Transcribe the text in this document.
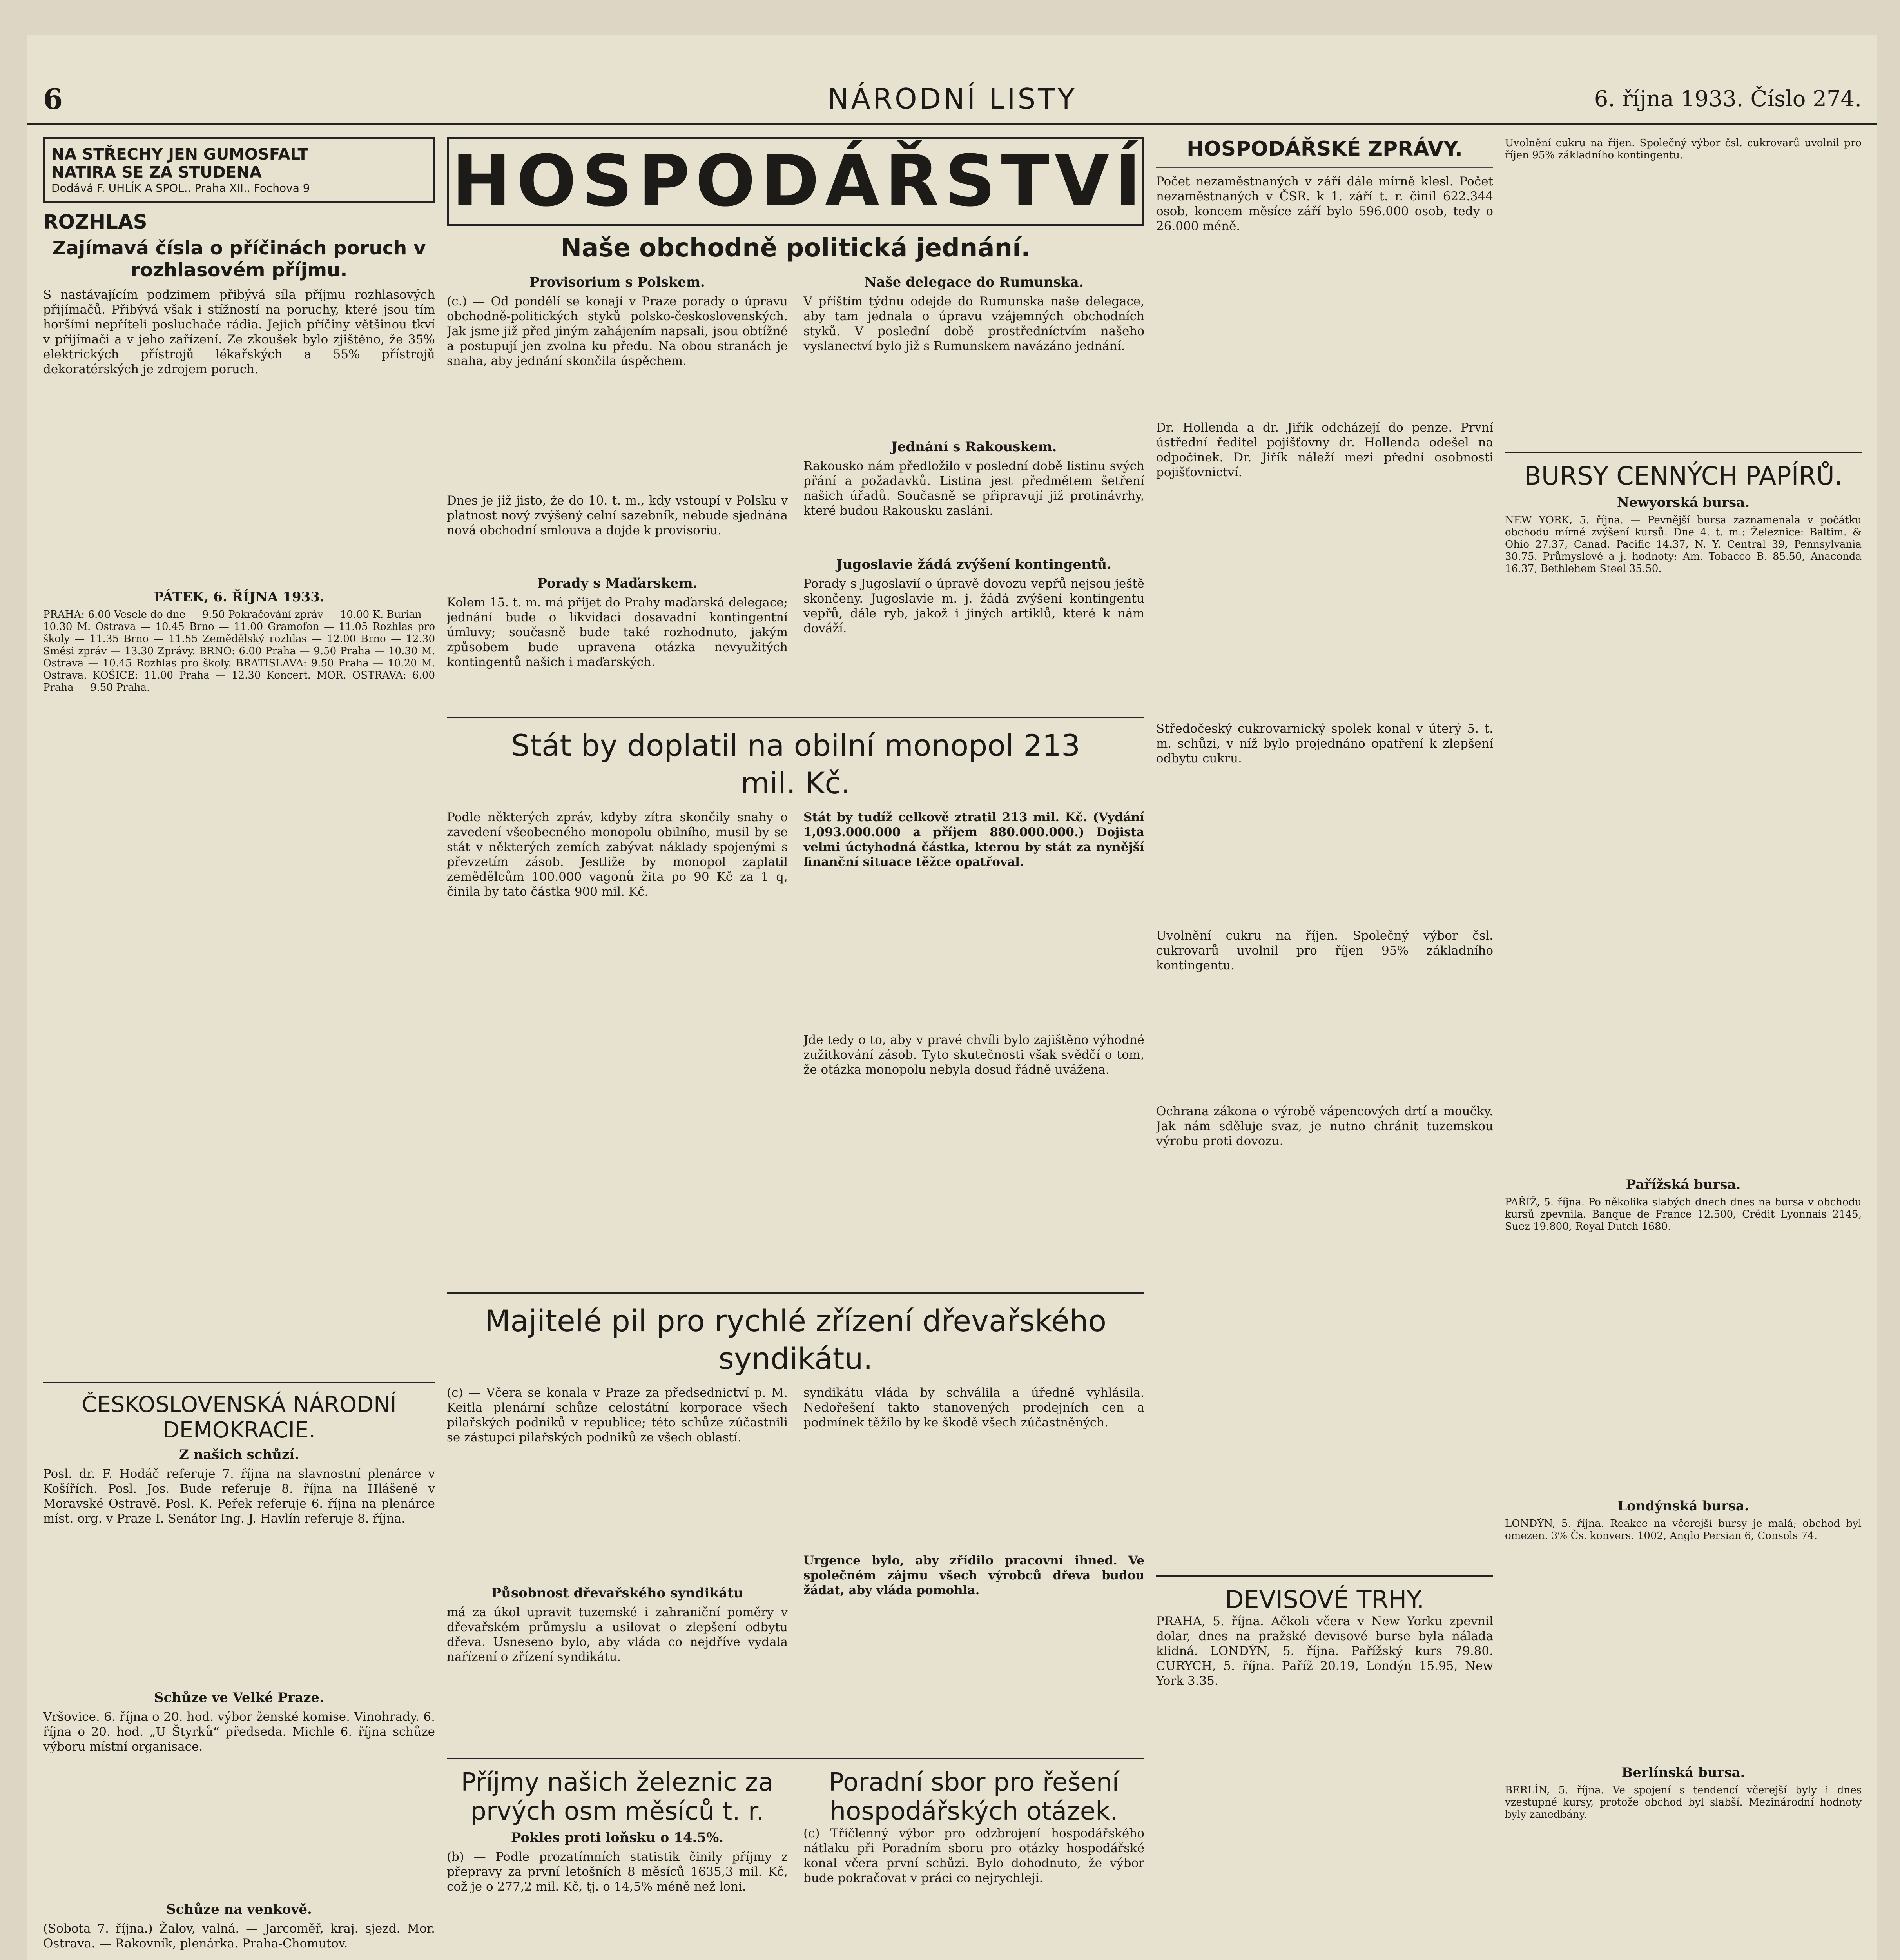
6	NÁRODNÍ LISTY	6. října 1933. Číslo 274.
NA STŘECHY JEN GUMOSFALT
NATIRA SE ZA STUDENA
Dodává F. UHLÍK A SPOL., Praha XII., Fochova 9
ROZHLAS
Zajímavá čísla o příčinách poruch v rozhlasovém příjmu.
S nastávajícím podzimem přibývá síla příjmu rozhlasových přijímačů. Přibývá však i stížností na poruchy, které jsou tím horšími nepříteli posluchače rádia. Jejich příčiny většinou tkví v přijímači a v jeho zařízení. Ze zkoušek bylo zjištěno, že 35% elektrických přístrojů lékařských a 55% přístrojů dekoratérských je zdrojem poruch.
PÁTEK, 6. ŘÍJNA 1933.
PRAHA: 6.00 Vesele do dne — 9.50 Pokračování zpráv — 10.00 K. Burian — 10.30 M. Ostrava — 10.45 Brno — 11.00 Gramofon — 11.05 Rozhlas pro školy — 11.35 Brno — 11.55 Zemědělský rozhlas — 12.00 Brno — 12.30 Směsi zpráv — 13.30 Zprávy. BRNO: 6.00 Praha — 9.50 Praha — 10.30 M. Ostrava — 10.45 Rozhlas pro školy. BRATISLAVA: 9.50 Praha — 10.20 M. Ostrava. KOŠICE: 11.00 Praha — 12.30 Koncert. MOR. OSTRAVA: 6.00 Praha — 9.50 Praha.
ČESKOSLOVENSKÁ NÁRODNÍ DEMOKRACIE.
Z našich schůzí.
Posl. dr. F. Hodáč referuje 7. října na slavnostní plenárce v Košířích. Posl. Jos. Bude referuje 8. října na Hlášeně v Moravské Ostravě. Posl. K. Peřek referuje 6. října na plenárce míst. org. v Praze I. Senátor Ing. J. Havlín referuje 8. října.
Schůze ve Velké Praze.
Vršovice. 6. října o 20. hod. výbor ženské komise. Vinohrady. 6. října o 20. hod. „U Štyrků“ předseda. Michle 6. října schůze výboru místní organisace.
Schůze na venkově.
(Sobota 7. října.) Žalov, valná. — Jarcoměř, kraj. sjezd. Mor. Ostrava. — Rakovník, plenárka. Praha-Chomutov.
HOSPODÁŘSTVÍ
Naše obchodně politická jednání.
Provisorium s Polskem.
(c.) — Od pondělí se konají v Praze porady o úpravu obchodně-politických styků polsko-československých. Jak jsme již před jiným zahájením napsali, jsou obtížné a postupují jen zvolna ku předu. Na obou stranách je snaha, aby jednání skončila úspěchem.
Dnes je již jisto, že do 10. t. m., kdy vstoupí v Polsku v platnost nový zvýšený celní sazebník, nebude sjednána nová obchodní smlouva a dojde k provisoriu.
Porady s Maďarskem.
Kolem 15. t. m. má přijet do Prahy maďarská delegace; jednání bude o likvidaci dosavadní kontingentní úmluvy; současně bude také rozhodnuto, jakým způsobem bude upravena otázka nevyužitých kontingentů našich i maďarských.
Naše delegace do Rumunska.
V příštím týdnu odejde do Rumunska naše delegace, aby tam jednala o úpravu vzájemných obchodních styků. V poslední době prostředníctvím našeho vyslanectví bylo již s Rumunskem navázáno jednání.
Jednání s Rakouskem.
Rakousko nám předložilo v poslední době listinu svých přání a požadavků. Listina jest předmětem šetření našich úřadů. Současně se připravují již protinávrhy, které budou Rakousku zasláni.
Jugoslavie žádá zvýšení kontingentů.
Porady s Jugoslavií o úpravě dovozu vepřů nejsou ještě skončeny. Jugoslavie m. j. žádá zvýšení kontingentu vepřů, dále ryb, jakož i jiných artiklů, které k nám dováží.
Stát by doplatil na obilní monopol 213 mil. Kč.
Podle některých zpráv, kdyby zítra skončily snahy o zavedení všeobecného monopolu obilního, musil by se stát v některých zemích zabývat náklady spojenými s převzetím zásob. Jestliže by monopol zaplatil zemědělcům 100.000 vagonů žita po 90 Kč za 1 q, činila by tato částka 900 mil. Kč.
Stát by tudíž celkově ztratil 213 mil. Kč. (Vydání 1,093.000.000 a příjem 880.000.000.) Dojista velmi úctyhodná částka, kterou by stát za nynější finanční situace těžce opatřoval.
Jde tedy o to, aby v pravé chvíli bylo zajištěno výhodné zužitkování zásob. Tyto skutečnosti však svědčí o tom, že otázka monopolu nebyla dosud řádně uvážena.
Majitelé pil pro rychlé zřízení dřevařského syndikátu.
(c) — Včera se konala v Praze za předsednictví p. M. Keitla plenární schůze celostátní korporace všech pilařských podniků v republice; této schůze zúčastnili se zástupci pilařských podniků ze všech oblastí.
Působnost dřevařského syndikátu
má za úkol upravit tuzemské i zahraniční poměry v dřevařském průmyslu a usilovat o zlepšení odbytu dřeva. Usneseno bylo, aby vláda co nejdříve vydala nařízení o zřízení syndikátu.
syndikátu vláda by schválila a úředně vyhlásila. Nedořešení takto stanovených prodejních cen a podmínek těžilo by ke škodě všech zúčastněných.
Urgence bylo, aby zřídilo pracovní ihned. Ve společném zájmu všech výrobců dřeva budou žádat, aby vláda pomohla.
Příjmy našich železnic za prvých osm měsíců t. r.
Pokles proti loňsku o 14.5%.
(b) — Podle prozatímních statistik činily příjmy z přepravy za první letošních 8 měsíců 1635,3 mil. Kč, což je o 277,2 mil. Kč, tj. o 14,5% méně než loni.

Poradní sbor pro řešení hospodářských otázek.
(c) Tříčlenný výbor pro odzbrojení hospodářského nátlaku při Poradním sboru pro otázky hospodářské konal včera první schůzi. Bylo dohodnuto, že výbor bude pokračovat v práci co nejrychleji.
HOSPODÁŘSKÉ ZPRÁVY.
Počet nezaměstnaných v září dále mírně klesl. Počet nezaměstnaných v ČSR. k 1. září t. r. činil 622.344 osob, koncem měsíce září bylo 596.000 osob, tedy o 26.000 méně.
Dr. Hollenda a dr. Jiřík odcházejí do penze. První ústřední ředitel pojišťovny dr. Hollenda odešel na odpočinek. Dr. Jiřík náleží mezi přední osobnosti pojišťovnictví.
Středočeský cukrovarnický spolek konal v úterý 5. t. m. schůzi, v níž bylo projednáno opatření k zlepšení odbytu cukru.
Uvolnění cukru na říjen. Společný výbor čsl. cukrovarů uvolnil pro říjen 95% základního kontingentu.
Ochrana zákona o výrobě vápencových drtí a moučky. Jak nám sděluje svaz, je nutno chránit tuzemskou výrobu proti dovozu.
DEVISOVÉ TRHY.
PRAHA, 5. října. Ačkoli včera v New Yorku zpevnil dolar, dnes na pražské devisové burse byla nálada klidná. LONDÝN, 5. října. Pařížský kurs 79.80. CURYCH, 5. října. Paříž 20.19, Londýn 15.95, New York 3.35.
Uvolnění cukru na říjen. Společný výbor čsl. cukrovarů uvolnil pro říjen 95% základního kontingentu.
BURSY CENNÝCH PAPÍRŮ.
Newyorská bursa.
NEW YORK, 5. října. — Pevnější bursa zaznamenala v počátku obchodu mírné zvýšení kursů. Dne 4. t. m.: Železnice: Baltim. & Ohio 27.37, Canad. Pacific 14.37, N. Y. Central 39, Pennsylvania 30.75. Průmyslové a j. hodnoty: Am. Tobacco B. 85.50, Anaconda 16.37, Bethlehem Steel 35.50.
Pařížská bursa.
PAŘÍŽ, 5. října. Po několika slabých dnech dnes na bursa v obchodu kursů zpevnila. Banque de France 12.500, Crédit Lyonnais 2145, Suez 19.800, Royal Dutch 1680.
Londýnská bursa.
LONDÝN, 5. října. Reakce na včerejší bursy je malá; obchod byl omezen. 3% Čs. konvers. 1002, Anglo Persian 6, Consols 74.
Berlínská bursa.
BERLÍN, 5. října. Ve spojení s tendencí včerejší byly i dnes vzestupné kursy, protože obchod byl slabší. Mezinárodní hodnoty byly zanedbány.
